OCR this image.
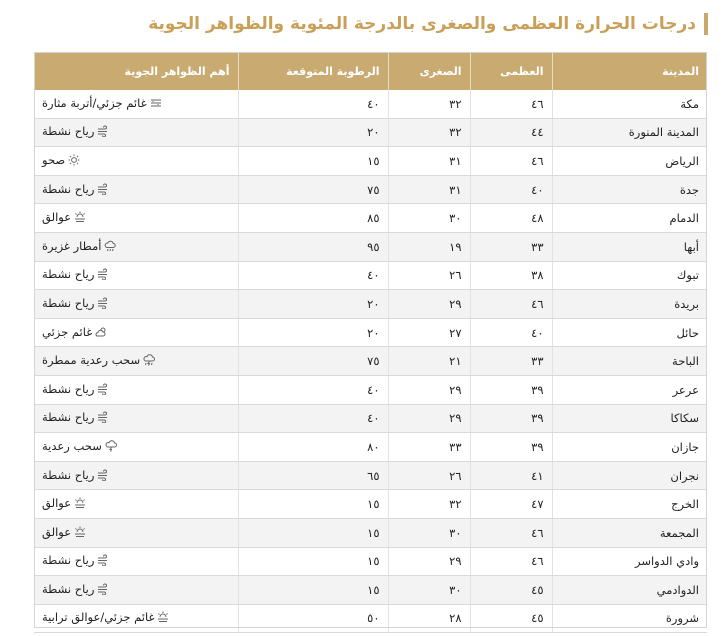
درجات الحرارة العظمى والصغرى بالدرجة المئوية والظواهر الجوية
المدينة	العظمى	الصغرى	الرطوبة المتوقعة	أهم الظواهر الجوية
مكة	٤٦	٣٢	٤٠	غائم جزئي/أتربة مثارة

المدينة المنورة	٤٤	٣٢	٢٠	رياح نشطة

الرياض	٤٦	٣١	١٥	صحو

جدة	٤٠	٣١	٧٥	رياح نشطة

الدمام	٤٨	٣٠	٨٥	عوالق

أبها	٣٣	١٩	٩٥	أمطار غزيرة

تبوك	٣٨	٢٦	٤٠	رياح نشطة

بريدة	٤٦	٢٩	٢٠	رياح نشطة

حائل	٤٠	٢٧	٢٠	غائم جزئي

الباحة	٣٣	٢١	٧٥	سحب رعدية ممطرة

عرعر	٣٩	٢٩	٤٠	رياح نشطة

سكاكا	٣٩	٢٩	٤٠	رياح نشطة

جازان	٣٩	٣٣	٨٠	سحب رعدية

نجران	٤١	٢٦	٦٥	رياح نشطة

الخرج	٤٧	٣٢	١٥	عوالق

المجمعة	٤٦	٣٠	١٥	عوالق

وادي الدواسر	٤٦	٢٩	١٥	رياح نشطة

الدوادمي	٤٥	٣٠	١٥	رياح نشطة

شرورة	٤٥	٢٨	٥٠	غائم جزئي/عوالق ترابية
